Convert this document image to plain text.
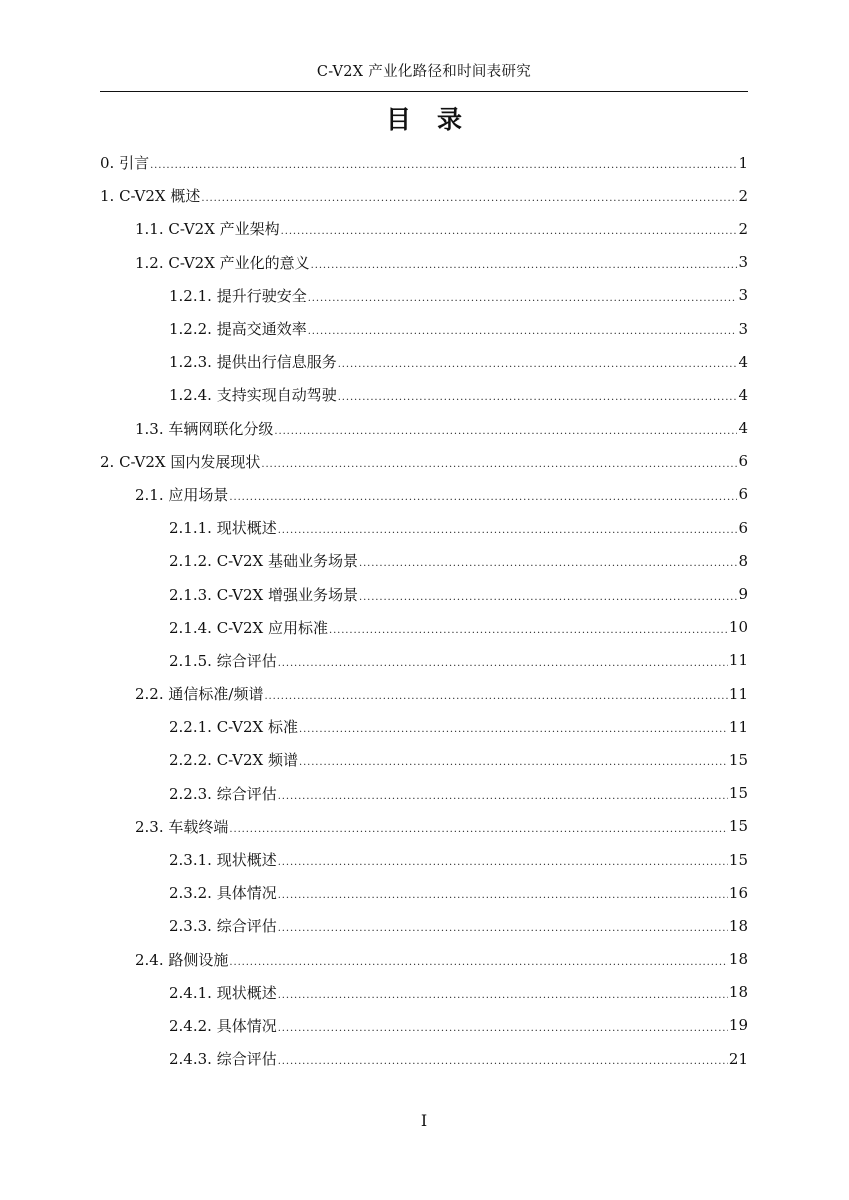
C-V2X 产业化路径和时间表研究
目 录
0. 引言 .....	1
1. C-V2X 概述 .....	2
1.1. C-V2X 产业架构 .....	2
1.2. C-V2X 产业化的意义 .....	3
1.2.1. 提升行驶安全 .....	3
1.2.2. 提高交通效率 .....	3
1.2.3. 提供出行信息服务 .....	4
1.2.4. 支持实现自动驾驶 .....	4
1.3. 车辆网联化分级 .....	4
2. C-V2X 国内发展现状 .....	6
2.1. 应用场景 .....	6
2.1.1. 现状概述 .....	6
2.1.2. C-V2X 基础业务场景 .....	8
2.1.3. C-V2X 增强业务场景 .....	9
2.1.4. C-V2X 应用标准 .....	10
2.1.5. 综合评估 .....	11
2.2. 通信标准/频谱 .....	11
2.2.1. C-V2X 标准 .....	11
2.2.2. C-V2X 频谱 .....	15
2.2.3. 综合评估 .....	15
2.3. 车载终端 .....	15
2.3.1. 现状概述 .....	15
2.3.2. 具体情况 .....	16
2.3.3. 综合评估 .....	18
2.4. 路侧设施 .....	18
2.4.1. 现状概述 .....	18
2.4.2. 具体情况 .....	19
2.4.3. 综合评估 .....	21
I
